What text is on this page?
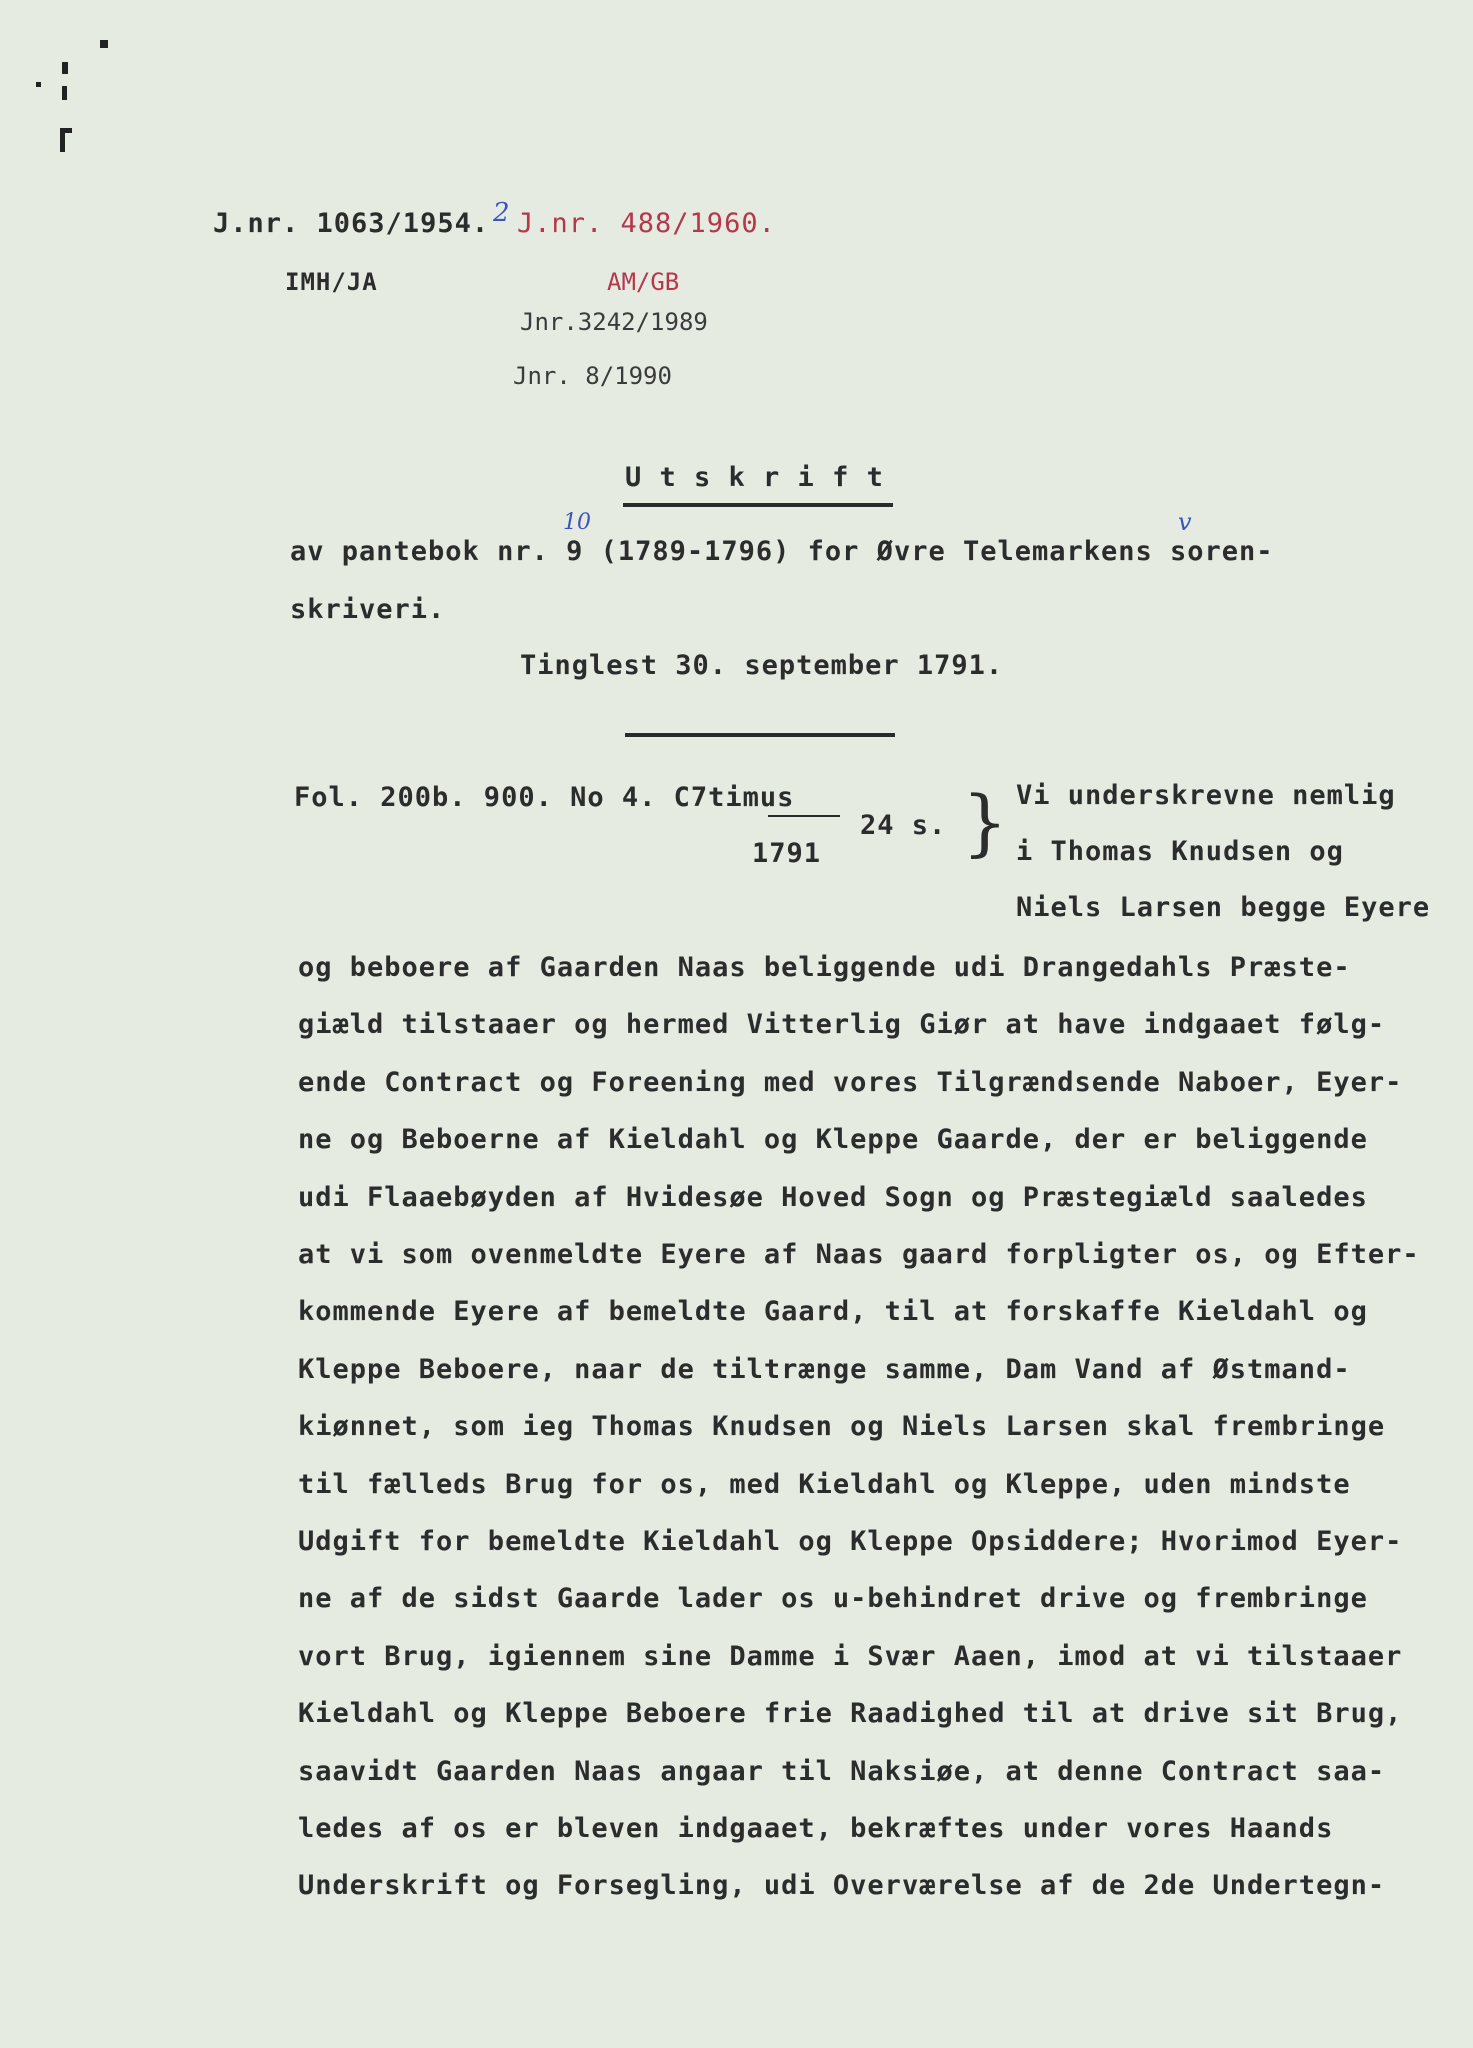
J.nr. 1063/1954. 2 J.nr. 488/1960.
IMH/JA	AM/GB
Jnr.3242/1989
Jnr. 8/1990
U t s k r i f t
10	v
av pantebok nr. 9 (1789-1796) for Øvre Telemarkens soren-
skriveri.
Tinglest 30. september 1791.
Fol. 200b. 900. No 4. C7timus
1791
24 s. } Vi underskrevne nemlig
i Thomas Knudsen og
Niels Larsen begge Eyere
og beboere af Gaarden Naas beliggende udi Drangedahls Præste-
giæld tilstaaer og hermed Vitterlig Giør at have indgaaet følg-
ende Contract og Foreening med vores Tilgrændsende Naboer, Eyer-
ne og Beboerne af Kieldahl og Kleppe Gaarde, der er beliggende
udi Flaaebøyden af Hvidesøe Hoved Sogn og Præstegiæld saaledes
at vi som ovenmeldte Eyere af Naas gaard forpligter os, og Efter-
kommende Eyere af bemeldte Gaard, til at forskaffe Kieldahl og
Kleppe Beboere, naar de tiltrænge samme, Dam Vand af Østmand-
kiønnet, som ieg Thomas Knudsen og Niels Larsen skal frembringe
til fælleds Brug for os, med Kieldahl og Kleppe, uden mindste
Udgift for bemeldte Kieldahl og Kleppe Opsiddere; Hvorimod Eyer-
ne af de sidst Gaarde lader os u-behindret drive og frembringe
vort Brug, igiennem sine Damme i Svær Aaen, imod at vi tilstaaer
Kieldahl og Kleppe Beboere frie Raadighed til at drive sit Brug,
saavidt Gaarden Naas angaar til Naksiøe, at denne Contract saa-
ledes af os er bleven indgaaet, bekræftes under vores Haands
Underskrift og Forsegling, udi Overværelse af de 2de Undertegn-
